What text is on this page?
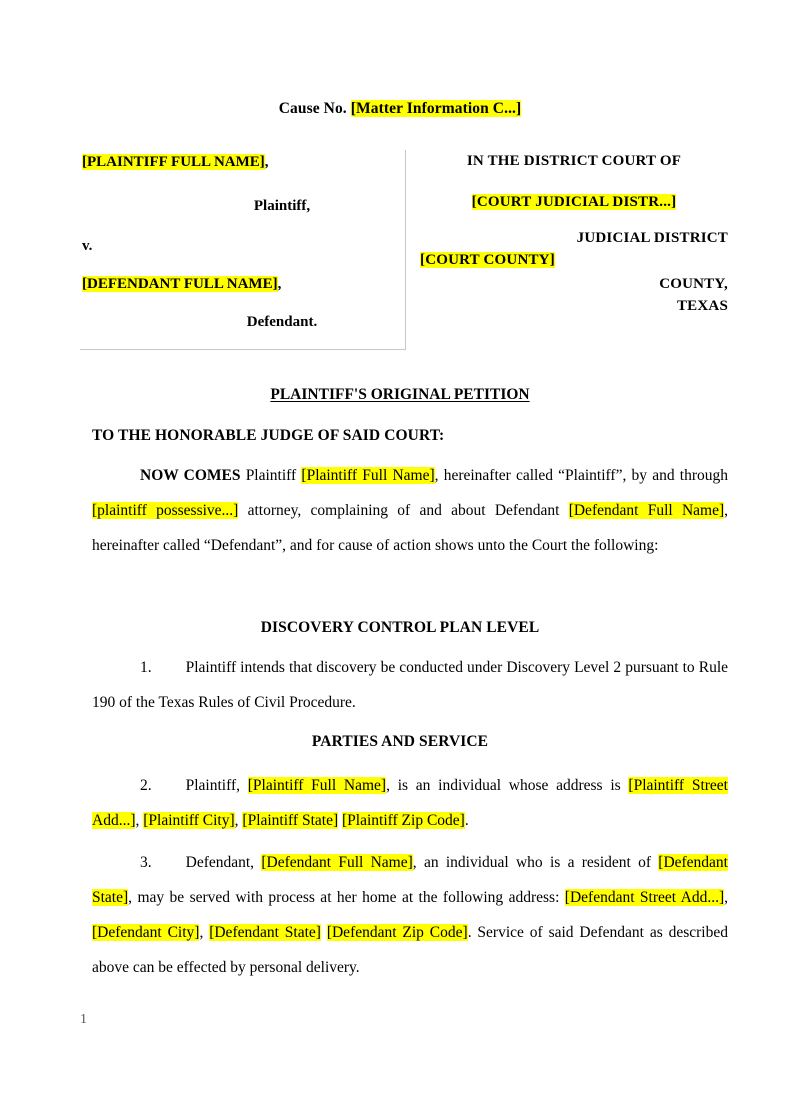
Cause No. [Matter Information C...]
[PLAINTIFF FULL NAME],
Plaintiff,
v.
[DEFENDANT FULL NAME],
Defendant.
IN THE DISTRICT COURT OF
[COURT JUDICIAL DISTR...]
JUDICIAL DISTRICT
[COURT COUNTY]
COUNTY,
TEXAS
PLAINTIFF'S ORIGINAL PETITION
TO THE HONORABLE JUDGE OF SAID COURT:
NOW COMES Plaintiff [Plaintiff Full Name], hereinafter called “Plaintiff”, by and through [plaintiff possessive...] attorney, complaining of and about Defendant [Defendant Full Name], hereinafter called “Defendant”, and for cause of action shows unto the Court the following:
DISCOVERY CONTROL PLAN LEVEL
1. Plaintiff intends that discovery be conducted under Discovery Level 2 pursuant to Rule 190 of the Texas Rules of Civil Procedure.
PARTIES AND SERVICE
2. Plaintiff, [Plaintiff Full Name], is an individual whose address is [Plaintiff Street Add...], [Plaintiff City], [Plaintiff State] [Plaintiff Zip Code].
3. Defendant, [Defendant Full Name], an individual who is a resident of [Defendant State], may be served with process at her home at the following address: [Defendant Street Add...], [Defendant City], [Defendant State] [Defendant Zip Code]. Service of said Defendant as described above can be effected by personal delivery.
1
